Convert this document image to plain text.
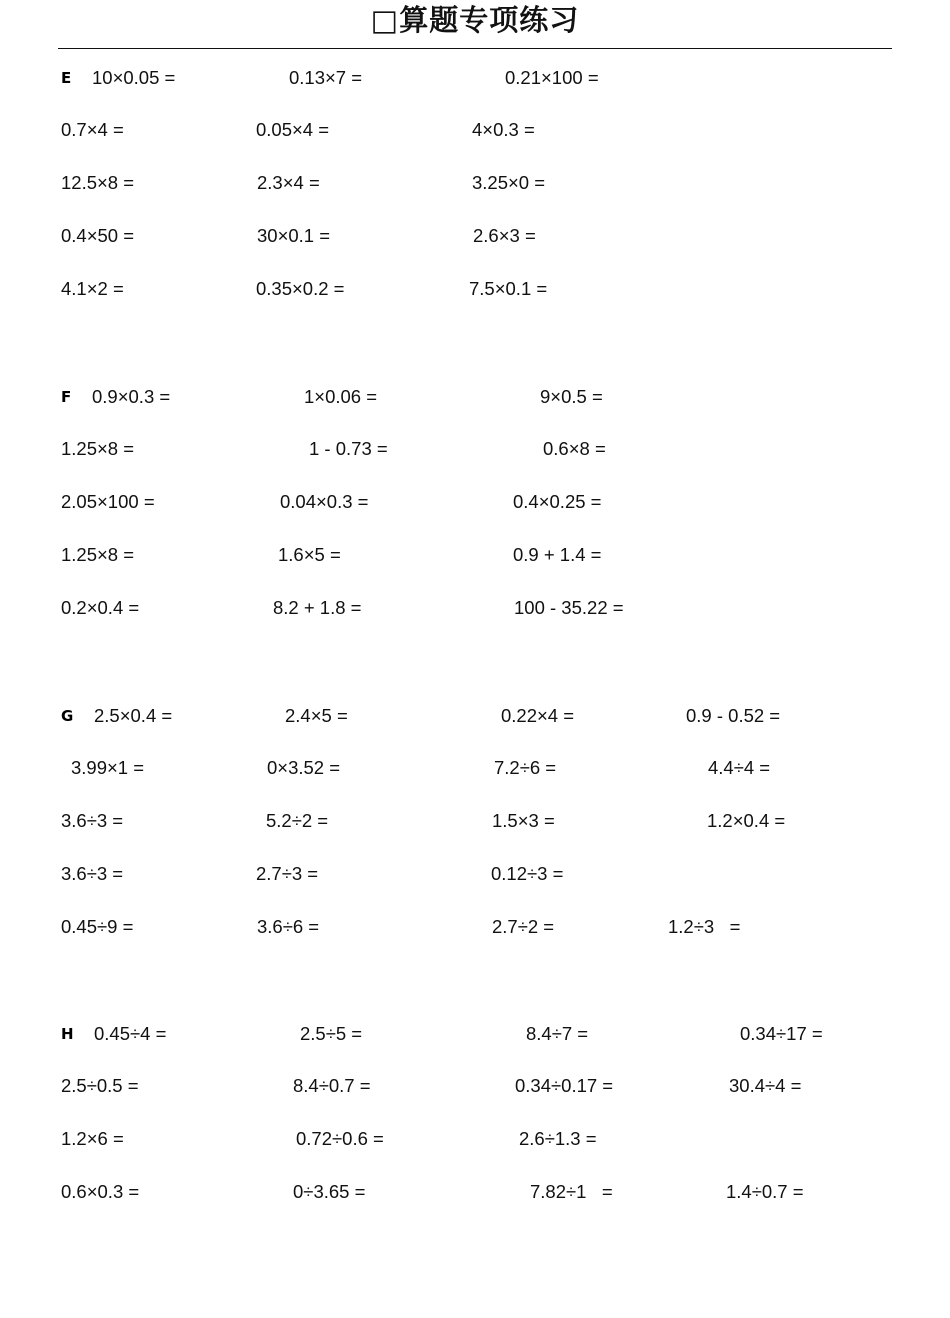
□算题专项练习
E 10×0.05 =	0.13×7 =	0.21×100 =
0.7×4 =	0.05×4 =	4×0.3 =
12.5×8 =	2.3×4 =	3.25×0 =
0.4×50 =	30×0.1 =	2.6×3 =
4.1×2 =	0.35×0.2 =	7.5×0.1 =
F 0.9×0.3 =	1×0.06 =	9×0.5 =
1.25×8 =	1 - 0.73 =	0.6×8 =
2.05×100 =	0.04×0.3 =	0.4×0.25 =
1.25×8 =	1.6×5 =	0.9 + 1.4 =
0.2×0.4 =	8.2 + 1.8 =	100 - 35.22 =
G 2.5×0.4 =	2.4×5 =	0.22×4 =	0.9 - 0.52 =
3.99×1 =	0×3.52 =	7.2÷6 =	4.4÷4 =
3.6÷3 =	5.2÷2 =	1.5×3 =	1.2×0.4 =
3.6÷3 =	2.7÷3 =	0.12÷3 =
0.45÷9 =	3.6÷6 =	2.7÷2 =	1.2÷3   =
H 0.45÷4 =	2.5÷5 =	8.4÷7 =	0.34÷17 =
2.5÷0.5 =	8.4÷0.7 =	0.34÷0.17 =	30.4÷4 =
1.2×6 =	0.72÷0.6 =	2.6÷1.3 =
0.6×0.3 =	0÷3.65 =	7.82÷1   =	1.4÷0.7 =
